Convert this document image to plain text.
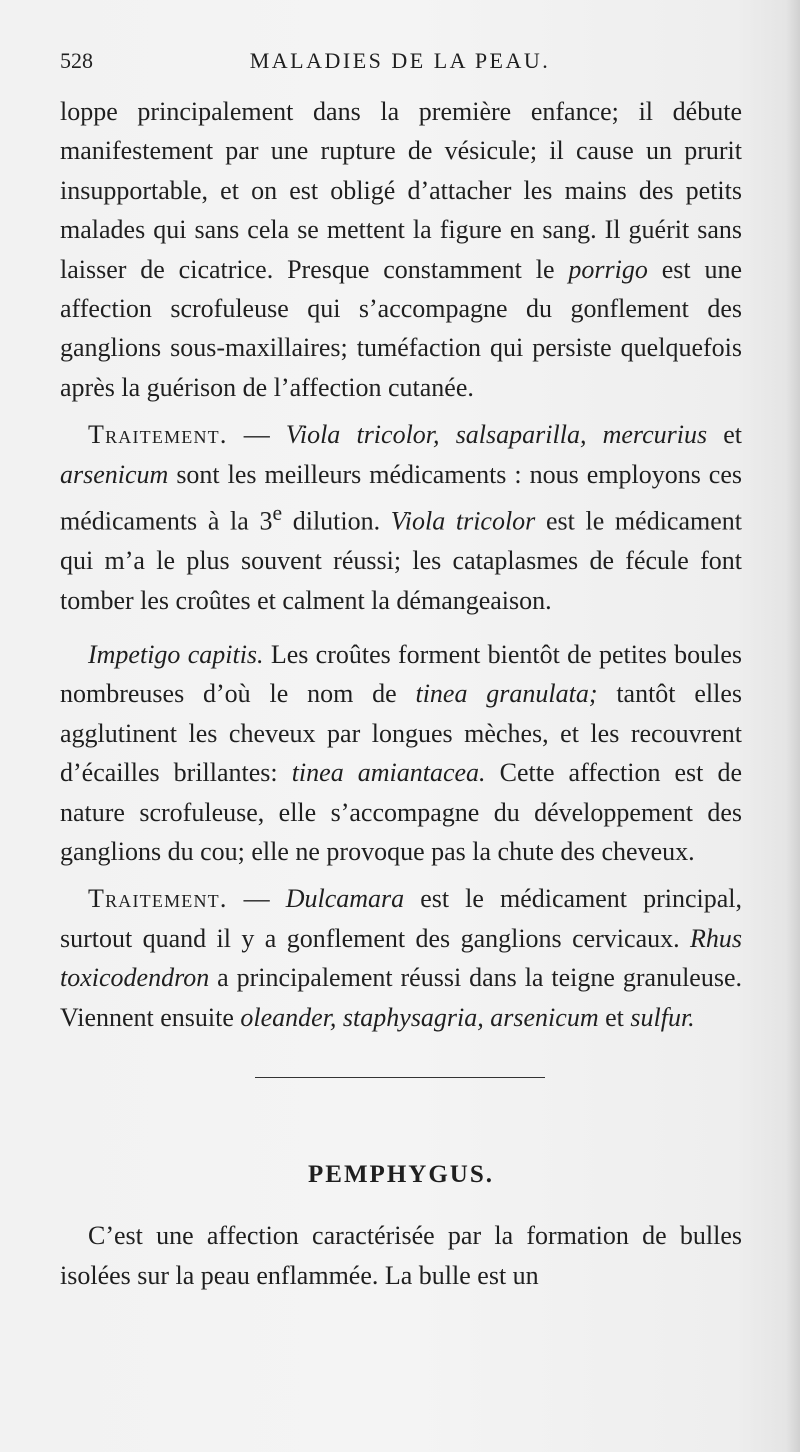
528	MALADIES DE LA PEAU.

loppe principalement dans la première enfance; il débute manifestement par une rupture de vésicule; il cause un prurit insupportable, et on est obligé d’attacher les mains des petits malades qui sans cela se mettent la figure en sang. Il guérit sans laisser de cicatrice. Presque constamment le porrigo est une affection scrofuleuse qui s’accompagne du gonflement des ganglions sous-maxillaires; tuméfaction qui persiste quelquefois après la guérison de l’affection cutanée.

Traitement. — Viola tricolor, salsaparilla, mercurius et arsenicum sont les meilleurs médicaments : nous employons ces médicaments à la 3e dilution. Viola tricolor est le médicament qui m’a le plus souvent réussi; les cataplasmes de fécule font tomber les croûtes et calment la démangeaison.

Impetigo capitis. Les croûtes forment bientôt de petites boules nombreuses d’où le nom de tinea granulata; tantôt elles agglutinent les cheveux par longues mèches, et les recouvrent d’écailles brillantes: tinea amiantacea. Cette affection est de nature scrofuleuse, elle s’accompagne du développement des ganglions du cou; elle ne provoque pas la chute des cheveux.

Traitement. — Dulcamara est le médicament principal, surtout quand il y a gonflement des ganglions cervicaux. Rhus toxicodendron a principalement réussi dans la teigne granuleuse. Viennent ensuite oleander, staphysagria, arsenicum et sulfur.

PEMPHYGUS.

C’est une affection caractérisée par la formation de bulles isolées sur la peau enflammée. La bulle est un
